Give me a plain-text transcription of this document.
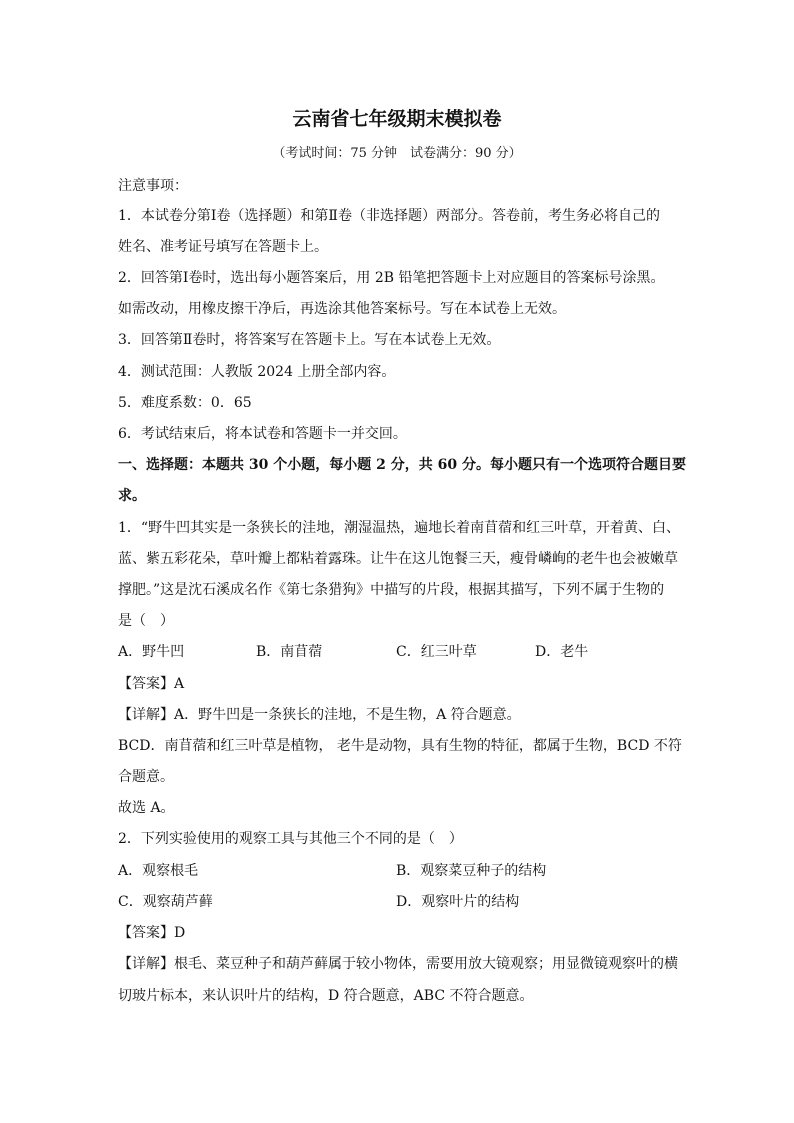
云南省七年级期末模拟卷
（考试时间：75 分钟　试卷满分：90 分）
注意事项：
1．本试卷分第Ⅰ卷（选择题）和第Ⅱ卷（非选择题）两部分。答卷前，考生务必将自己的
姓名、准考证号填写在答题卡上。
2．回答第Ⅰ卷时，选出每小题答案后，用 2B 铅笔把答题卡上对应题目的答案标号涂黑。
如需改动，用橡皮擦干净后，再选涂其他答案标号。写在本试卷上无效。
3．回答第Ⅱ卷时，将答案写在答题卡上。写在本试卷上无效。
4．测试范围：人教版 2024 上册全部内容。
5．难度系数：0．65
6．考试结束后，将本试卷和答题卡一并交回。
一、选择题：本题共 30 个小题，每小题 2 分，共 60 分。每小题只有一个选项符合题目要
求。
1．“野牛凹其实是一条狭长的洼地，潮湿温热，遍地长着南苜蓿和红三叶草，开着黄、白、
蓝、紫五彩花朵，草叶瓣上都粘着露珠。让牛在这儿饱餐三天，瘦骨嶙峋的老牛也会被嫩草
撑肥。”这是沈石溪成名作《第七条猎狗》中描写的片段，根据其描写，下列不属于生物的
是（　）
A．野牛凹	B．南苜蓿	C．红三叶草	D．老牛
【答案】A
【详解】A．野牛凹是一条狭长的洼地，不是生物，A 符合题意。
BCD．南苜蓿和红三叶草是植物， 老牛是动物，具有生物的特征，都属于生物，BCD 不符
合题意。
故选 A。
2．下列实验使用的观察工具与其他三个不同的是（　）
A．观察根毛	B．观察菜豆种子的结构
C．观察葫芦藓	D．观察叶片的结构
【答案】D
【详解】根毛、菜豆种子和葫芦藓属于较小物体，需要用放大镜观察；用显微镜观察叶的横
切玻片标本，来认识叶片的结构，D 符合题意，ABC 不符合题意。
